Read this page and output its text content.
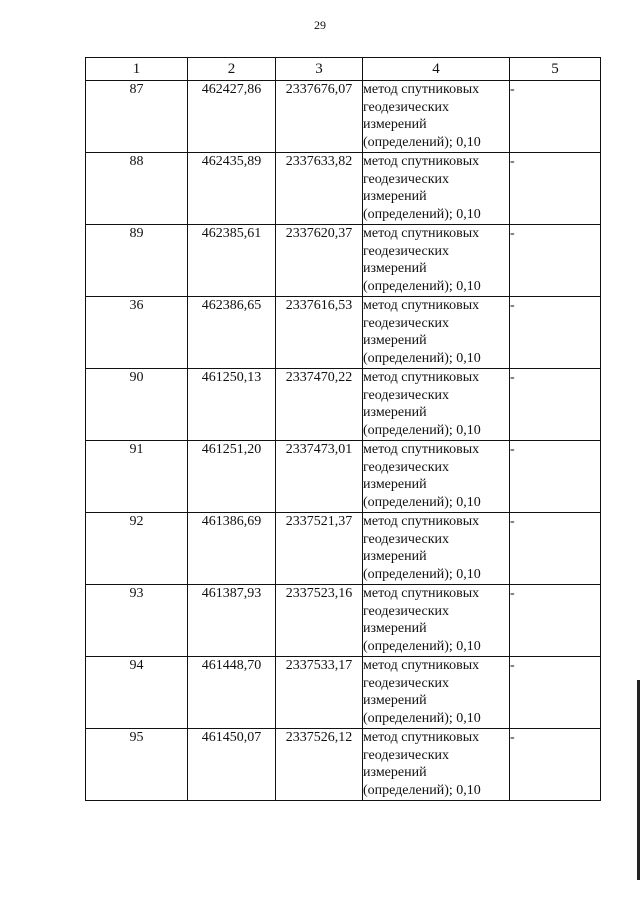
29
1	2	3	4	5
87	462427,86	2337676,07	метод спутниковых
геодезических
измерений
(определений); 0,10	-
88	462435,89	2337633,82	метод спутниковых
геодезических
измерений
(определений); 0,10	-
89	462385,61	2337620,37	метод спутниковых
геодезических
измерений
(определений); 0,10	-
36	462386,65	2337616,53	метод спутниковых
геодезических
измерений
(определений); 0,10	-
90	461250,13	2337470,22	метод спутниковых
геодезических
измерений
(определений); 0,10	-
91	461251,20	2337473,01	метод спутниковых
геодезических
измерений
(определений); 0,10	-
92	461386,69	2337521,37	метод спутниковых
геодезических
измерений
(определений); 0,10	-
93	461387,93	2337523,16	метод спутниковых
геодезических
измерений
(определений); 0,10	-
94	461448,70	2337533,17	метод спутниковых
геодезических
измерений
(определений); 0,10	-
95	461450,07	2337526,12	метод спутниковых
геодезических
измерений
(определений); 0,10	-
